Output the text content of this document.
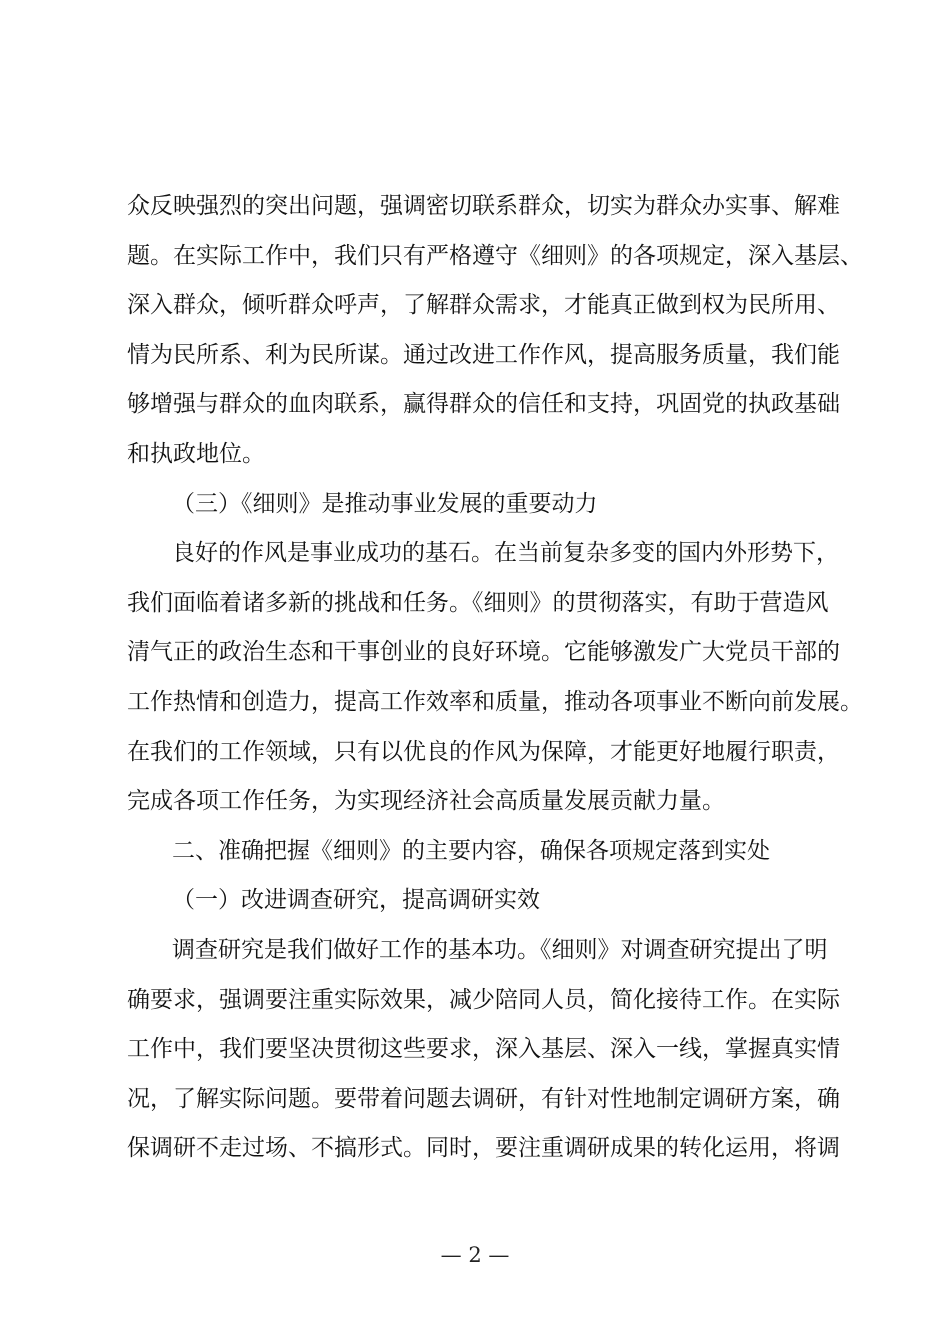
众反映强烈的突出问题，强调密切联系群众，切实为群众办实事、解难

题。在实际工作中，我们只有严格遵守《细则》的各项规定，深入基层、

深入群众，倾听群众呼声，了解群众需求，才能真正做到权为民所用、

情为民所系、利为民所谋。通过改进工作作风，提高服务质量，我们能

够增强与群众的血肉联系，赢得群众的信任和支持，巩固党的执政基础

和执政地位。

（三）《细则》是推动事业发展的重要动力

良好的作风是事业成功的基石。在当前复杂多变的国内外形势下，

我们面临着诸多新的挑战和任务。《细则》的贯彻落实，有助于营造风

清气正的政治生态和干事创业的良好环境。它能够激发广大党员干部的

工作热情和创造力，提高工作效率和质量，推动各项事业不断向前发展。

在我们的工作领域，只有以优良的作风为保障，才能更好地履行职责，

完成各项工作任务，为实现经济社会高质量发展贡献力量。

二、准确把握《细则》的主要内容，确保各项规定落到实处

（一）改进调查研究，提高调研实效

调查研究是我们做好工作的基本功。《细则》对调查研究提出了明

确要求，强调要注重实际效果，减少陪同人员，简化接待工作。在实际

工作中，我们要坚决贯彻这些要求，深入基层、深入一线，掌握真实情

况，了解实际问题。要带着问题去调研，有针对性地制定调研方案，确

保调研不走过场、不搞形式。同时，要注重调研成果的转化运用，将调

— 2 —
